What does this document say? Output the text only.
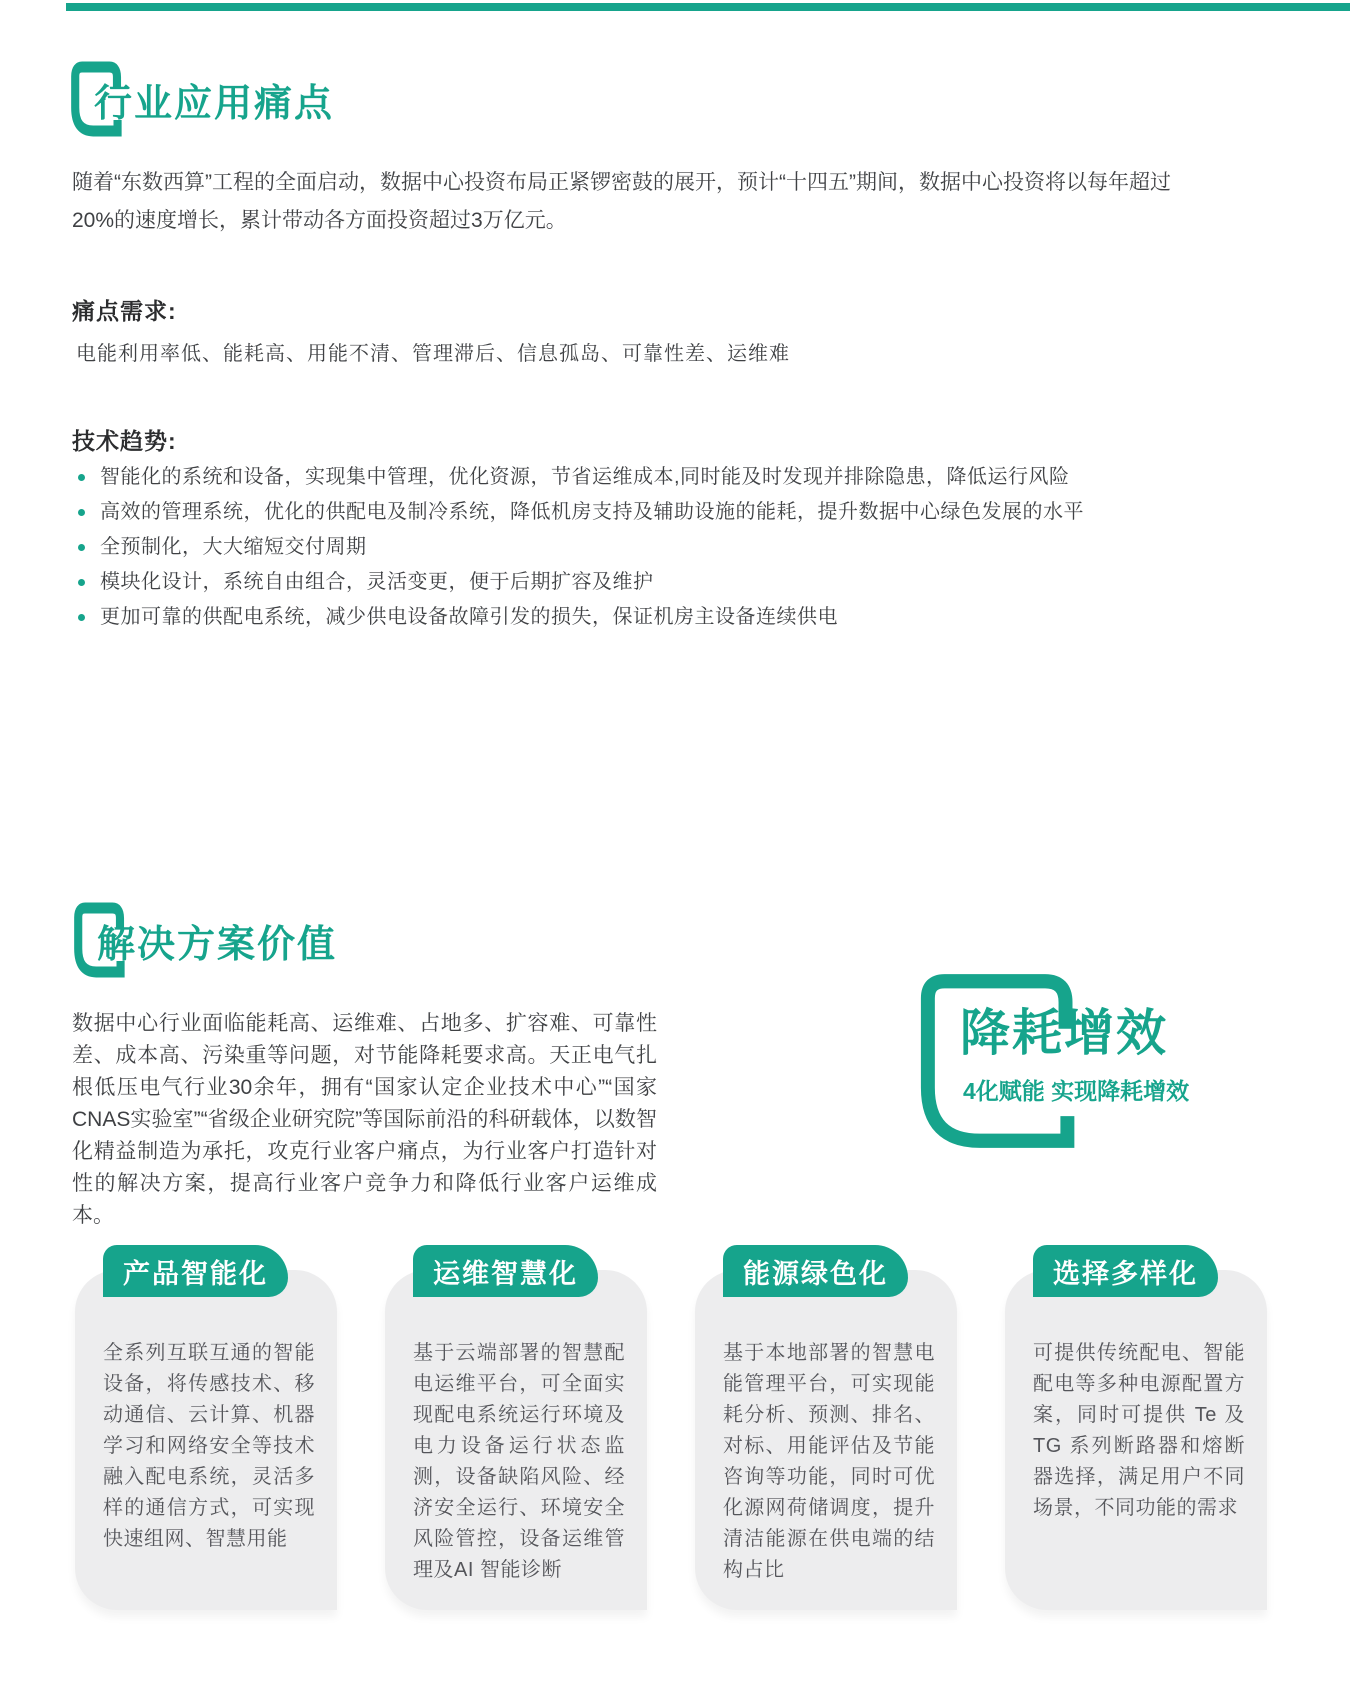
行业应用痛点
随着“东数西算”工程的全面启动，数据中心投资布局正紧锣密鼓的展开，预计“十四五”期间，数据中心投资将以每年超过20%的速度增长，累计带动各方面投资超过3万亿元。
痛点需求:
电能利用率低、能耗高、用能不清、管理滞后、信息孤岛、可靠性差、运维难
技术趋势:
智能化的系统和设备，实现集中管理，优化资源，节省运维成本,同时能及时发现并排除隐患，降低运行风险
高效的管理系统，优化的供配电及制冷系统，降低机房支持及辅助设施的能耗，提升数据中心绿色发展的水平
全预制化，大大缩短交付周期
模块化设计，系统自由组合，灵活变更，便于后期扩容及维护
更加可靠的供配电系统，减少供电设备故障引发的损失，保证机房主设备连续供电
解决方案价值
数据中心行业面临能耗高、运维难、占地多、扩容难、可靠性差、成本高、污染重等问题，对节能降耗要求高。天正电气扎根低压电气行业30余年，拥有“国家认定企业技术中心”“国家CNAS实验室”“省级企业研究院”等国际前沿的科研载体，以数智化精益制造为承托，攻克行业客户痛点，为行业客户打造针对性的解决方案，提高行业客户竞争力和降低行业客户运维成本。
降耗增效
4化赋能 实现降耗增效
产品智能化
全系列互联互通的智能设备，将传感技术、移动通信、云计算、机器学习和网络安全等技术融入配电系统，灵活多样的通信方式，可实现快速组网、智慧用能
运维智慧化
基于云端部署的智慧配电运维平台，可全面实现配电系统运行环境及电力设备运行状态监测，设备缺陷风险、经济安全运行、环境安全风险管控，设备运维管理及AI 智能诊断
能源绿色化
基于本地部署的智慧电能管理平台，可实现能耗分析、预测、排名、对标、用能评估及节能咨询等功能，同时可优化源网荷储调度，提升清洁能源在供电端的结构占比
选择多样化
可提供传统配电、智能配电等多种电源配置方案，同时可提供 Te 及 TG 系列断路器和熔断器选择，满足用户不同场景，不同功能的需求
